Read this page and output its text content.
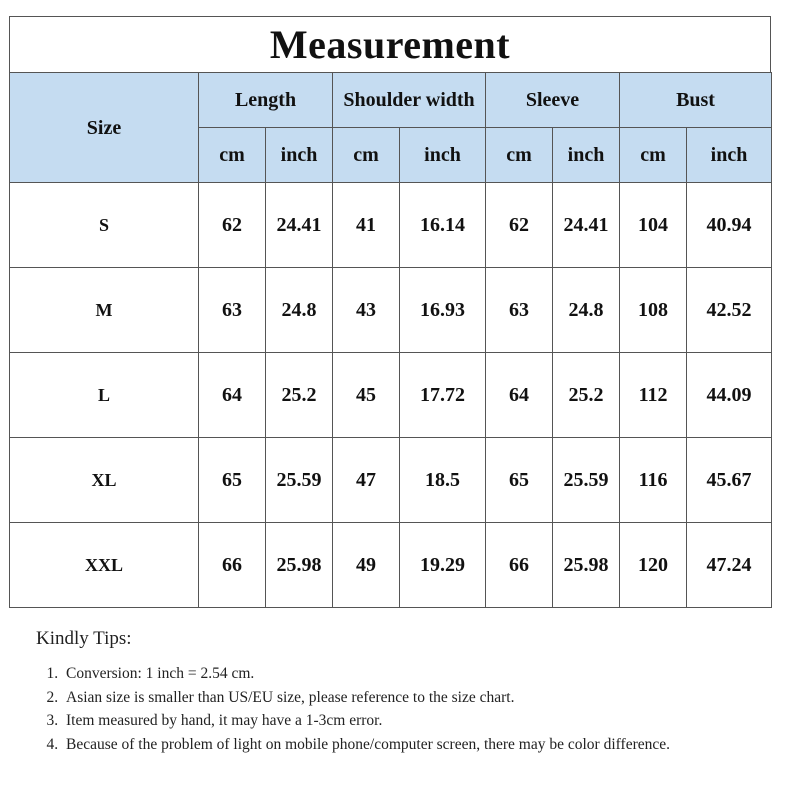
Measurement
Size	Length		Shoulder width		Sleeve		Bust	
	cm	inch	cm	inch	cm	inch	cm	inch
S	62	24.41	41	16.14	62	24.41	104	40.94
M	63	24.8	43	16.93	63	24.8	108	42.52
L	64	25.2	45	17.72	64	25.2	112	44.09
XL	65	25.59	47	18.5	65	25.59	116	45.67
XXL	66	25.98	49	19.29	66	25.98	120	47.24
Kindly Tips:
1. Conversion: 1 inch = 2.54 cm.
2. Asian size is smaller than US/EU size, please reference to the size chart.
3. Item measured by hand, it may have a 1-3cm error.
4. Because of the problem of light on mobile phone/computer screen, there may be color difference.
